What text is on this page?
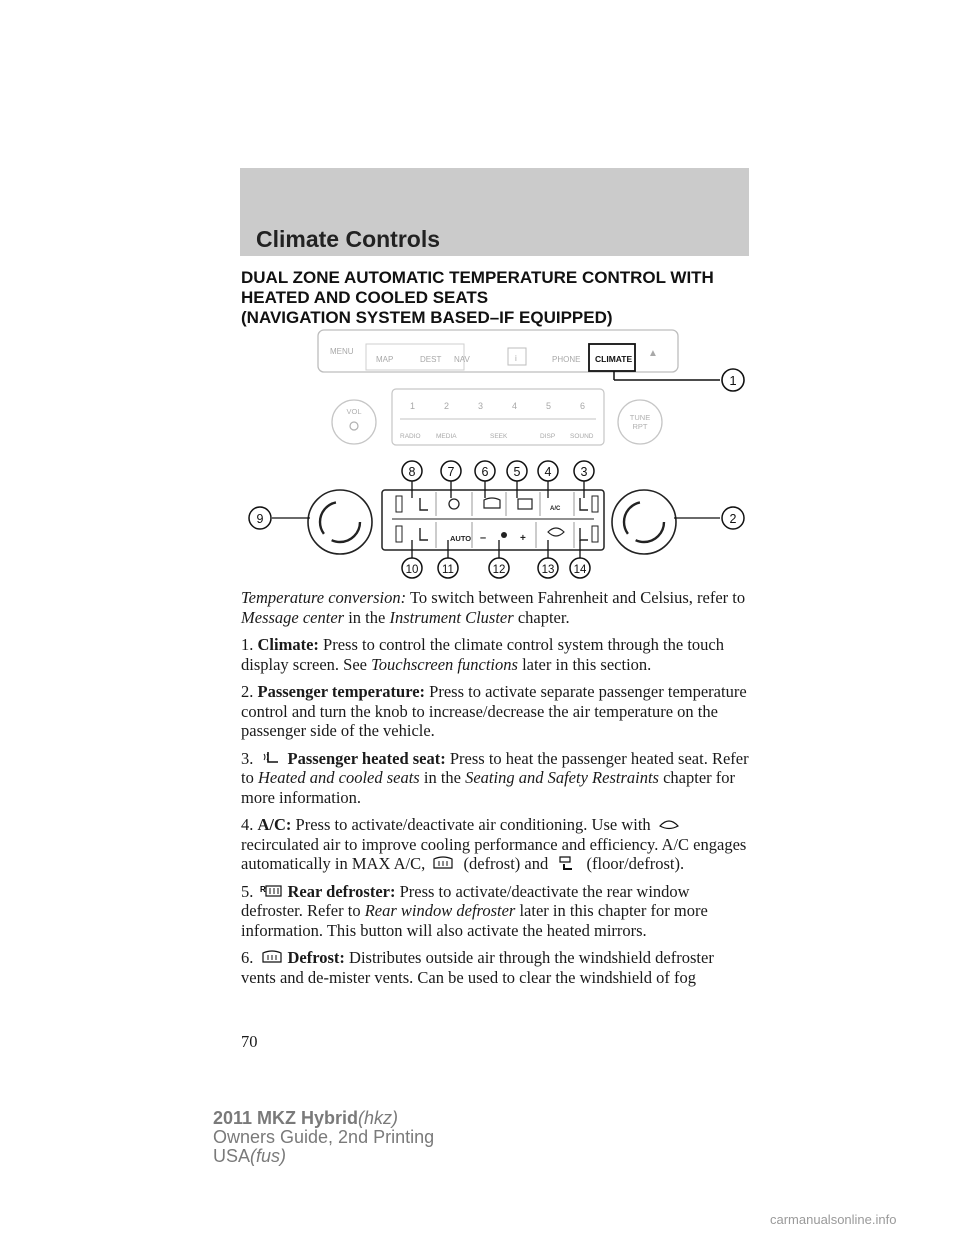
Climate Controls
DUAL ZONE AUTOMATIC TEMPERATURE CONTROL WITH
HEATED AND COOLED SEATS
(NAVIGATION SYSTEM BASED–IF EQUIPPED)
MENU
MAP	DEST NAV	i	PHONE CLIMATE ▲
1
VOL
1	2	3	4	5	6
RADIO MEDIA	SEEK	DISP SOUND
TUNE
RPT
AUTO
A/C
–	+
8	7 6 5 4 3
9	2
10 11	12	13 14

Temperature conversion: To switch between Fahrenheit and Celsius, refer to Message center in the Instrument Cluster chapter.

1. Climate: Press to control the climate control system through the touch display screen. See Touchscreen functions later in this section.

2. Passenger temperature: Press to activate separate passenger temperature control and turn the knob to increase/decrease the air temperature on the passenger side of the vehicle.

3. Passenger heated seat: Press to heat the passenger heated seat. Refer to Heated and cooled seats in the Seating and Safety Restraints chapter for more information.

4. A/C: Press to activate/deactivate air conditioning. Use with  recirculated air to improve cooling performance and efficiency. A/C engages automatically in MAX A/C,  (defrost) and  (floor/defrost).

5. R Rear defroster: Press to activate/deactivate the rear window defroster. Refer to Rear window defroster later in this chapter for more information. This button will also activate the heated mirrors.

6. Defrost: Distributes outside air through the windshield defroster vents and de-mister vents. Can be used to clear the windshield of fog

70
2011 MKZ Hybrid(hkz)
Owners Guide, 2nd Printing
USA(fus)
carmanualsonline.info
